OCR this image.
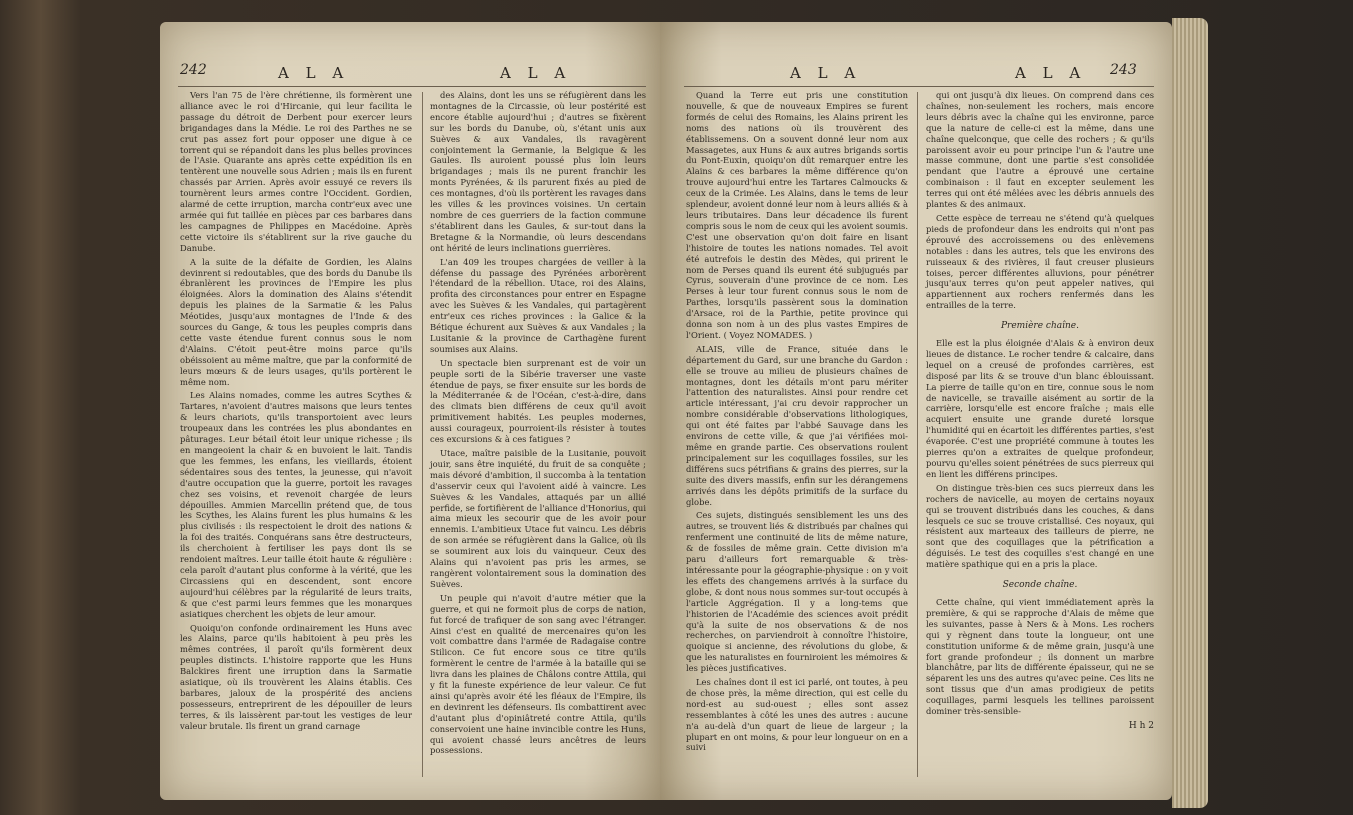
242	A L A	A L A

Vers l'an 75 de l'ère chrétienne, ils formèrent une alliance avec le roi d'Hircanie, qui leur facilita le passage du détroit de Derbent pour exercer leurs brigandages dans la Médie. Le roi des Parthes ne se crut pas assez fort pour opposer une digue à ce torrent qui se répandoit dans les plus belles provinces de l'Asie. Quarante ans après cette expédition ils en tentèrent une nouvelle sous Adrien ; mais ils en furent chassés par Arrien. Après avoir essuyé ce revers ils tournèrent leurs armes contre l'Occident. Gordien, alarmé de cette irruption, marcha contr'eux avec une armée qui fut taillée en pièces par ces barbares dans les campagnes de Philippes en Macédoine. Après cette victoire ils s'établirent sur la rive gauche du Danube.

A la suite de la défaite de Gordien, les Alains devinrent si redoutables, que des bords du Danube ils ébranlèrent les provinces de l'Empire les plus éloignées. Alors la domination des Alains s'étendit depuis les plaines de la Sarmatie & les Palus Méotides, jusqu'aux montagnes de l'Inde & des sources du Gange, & tous les peuples compris dans cette vaste étendue furent connus sous le nom d'Alains. C'étoit peut-être moins parce qu'ils obéissoient au même maître, que par la conformité de leurs mœurs & de leurs usages, qu'ils portèrent le même nom.

Les Alains nomades, comme les autres Scythes & Tartares, n'avoient d'autres maisons que leurs tentes & leurs chariots, qu'ils transportoient avec leurs troupeaux dans les contrées les plus abondantes en pâturages. Leur bétail étoit leur unique richesse ; ils en mangeoient la chair & en buvoient le lait. Tandis que les femmes, les enfans, les vieillards, étoient sédentaires sous des tentes, la jeunesse, qui n'avoit d'autre occupation que la guerre, portoit les ravages chez ses voisins, et revenoit chargée de leurs dépouilles. Ammien Marcellin prétend que, de tous les Scythes, les Alains furent les plus humains & les plus civilisés : ils respectoient le droit des nations & la foi des traités. Conquérans sans être destructeurs, ils cherchoient à fertiliser les pays dont ils se rendoient maîtres. Leur taille étoit haute & régulière : cela paroît d'autant plus conforme à la vérité, que les Circassiens qui en descendent, sont encore aujourd'hui célèbres par la régularité de leurs traits, & que c'est parmi leurs femmes que les monarques asiatiques cherchent les objets de leur amour.

Quoiqu'on confonde ordinairement les Huns avec les Alains, parce qu'ils habitoient à peu près les mêmes contrées, il paroît qu'ils formèrent deux peuples distincts. L'histoire rapporte que les Huns Balckires firent une irruption dans la Sarmatie asiatique, où ils trouvèrent les Alains établis. Ces barbares, jaloux de la prospérité des anciens possesseurs, entreprirent de les dépouiller de leurs terres, & ils laissèrent par-tout les vestiges de leur valeur brutale. Ils firent un grand carnage

des Alains, dont les uns se réfugièrent dans les montagnes de la Circassie, où leur postérité est encore établie aujourd'hui ; d'autres se fixèrent sur les bords du Danube, où, s'étant unis aux Suèves & aux Vandales, ils ravagèrent conjointement la Germanie, la Belgique & les Gaules. Ils auroient poussé plus loin leurs brigandages ; mais ils ne purent franchir les monts Pyrénées, & ils parurent fixés au pied de ces montagnes, d'où ils portèrent les ravages dans les villes & les provinces voisines. Un certain nombre de ces guerriers de la faction commune s'établirent dans les Gaules, & sur-tout dans la Bretagne & la Normandie, où leurs descendans ont hérité de leurs inclinations guerrières.

L'an 409 les troupes chargées de veiller à la défense du passage des Pyrénées arborèrent l'étendard de la rébellion. Utace, roi des Alains, profita des circonstances pour entrer en Espagne avec les Suèves & les Vandales, qui partagèrent entr'eux ces riches provinces : la Galice & la Bétique échurent aux Suèves & aux Vandales ; la Lusitanie & la province de Carthagène furent soumises aux Alains.

Un spectacle bien surprenant est de voir un peuple sorti de la Sibérie traverser une vaste étendue de pays, se fixer ensuite sur les bords de la Méditerranée & de l'Océan, c'est-à-dire, dans des climats bien différens de ceux qu'il avoit primitivement habités. Les peuples modernes, aussi courageux, pourroient-ils résister à toutes ces excursions & à ces fatigues ?

Utace, maître paisible de la Lusitanie, pouvoit jouir, sans être inquiété, du fruit de sa conquête ; mais dévoré d'ambition, il succomba à la tentation d'asservir ceux qui l'avoient aidé à vaincre. Les Suèves & les Vandales, attaqués par un allié perfide, se fortifièrent de l'alliance d'Honorius, qui aima mieux les secourir que de les avoir pour ennemis. L'ambitieux Utace fut vaincu. Les débris de son armée se réfugièrent dans la Galice, où ils se soumirent aux lois du vainqueur. Ceux des Alains qui n'avoient pas pris les armes, se rangèrent volontairement sous la domination des Suèves.

Un peuple qui n'avoit d'autre métier que la guerre, et qui ne formoit plus de corps de nation, fut forcé de trafiquer de son sang avec l'étranger. Ainsi c'est en qualité de mercenaires qu'on les voit combattre dans l'armée de Radagaise contre Stilicon. Ce fut encore sous ce titre qu'ils formèrent le centre de l'armée à la bataille qui se livra dans les plaines de Châlons contre Attila, qui y fit la funeste expérience de leur valeur. Ce fut ainsi qu'après avoir été les fléaux de l'Empire, ils en devinrent les défenseurs. Ils combattirent avec d'autant plus d'opiniâtreté contre Attila, qu'ils conservoient une haine invincible contre les Huns, qui avoient chassé leurs ancêtres de leurs possessions.

A L A	A L A 243

Quand la Terre eut pris une constitution nouvelle, & que de nouveaux Empires se furent formés de celui des Romains, les Alains prirent les noms des nations où ils trouvèrent des établissemens. On a souvent donné leur nom aux Massagetes, aux Huns & aux autres brigands sortis du Pont-Euxin, quoiqu'on dût remarquer entre les Alains & ces barbares la même différence qu'on trouve aujourd'hui entre les Tartares Calmoucks & ceux de la Crimée. Les Alains, dans le tems de leur splendeur, avoient donné leur nom à leurs alliés & à leurs tributaires. Dans leur décadence ils furent compris sous le nom de ceux qui les avoient soumis. C'est une observation qu'on doit faire en lisant l'histoire de toutes les nations nomades. Tel avoit été autrefois le destin des Mèdes, qui prirent le nom de Perses quand ils eurent été subjugués par Cyrus, souverain d'une province de ce nom. Les Perses à leur tour furent connus sous le nom de Parthes, lorsqu'ils passèrent sous la domination d'Arsace, roi de la Parthie, petite province qui donna son nom à un des plus vastes Empires de l'Orient. ( Voyez NOMADES. )

ALAIS, ville de France, située dans le département du Gard, sur une branche du Gardon : elle se trouve au milieu de plusieurs chaînes de montagnes, dont les détails m'ont paru mériter l'attention des naturalistes. Ainsi pour rendre cet article intéressant, j'ai cru devoir rapprocher un nombre considérable d'observations lithologiques, qui ont été faites par l'abbé Sauvage dans les environs de cette ville, & que j'ai vérifiées moi-même en grande partie. Ces observations roulent principalement sur les coquillages fossiles, sur les différens sucs pétrifians & grains des pierres, sur la suite des divers massifs, enfin sur les dérangemens arrivés dans les dépôts primitifs de la surface du globe.

Ces sujets, distingués sensiblement les uns des autres, se trouvent liés & distribués par chaînes qui renferment une continuité de lits de même nature, & de fossiles de même grain. Cette division m'a paru d'ailleurs fort remarquable & très-intéressante pour la géographie-physique : on y voit les effets des changemens arrivés à la surface du globe, & dont nous nous sommes sur-tout occupés à l'article Aggrégation. Il y a long-tems que l'historien de l'Académie des sciences avoit prédit qu'à la suite de nos observations & de nos recherches, on parviendroit à connoître l'histoire, quoique si ancienne, des révolutions du globe, & que les naturalistes en fourniroient les mémoires & les pièces justificatives.

Les chaînes dont il est ici parlé, ont toutes, à peu de chose près, la même direction, qui est celle du nord-est au sud-ouest ; elles sont assez ressemblantes à côté les unes des autres : aucune n'a au-delà d'un quart de lieue de largeur ; la plupart en ont moins, & pour leur longueur on en a suivi

qui ont jusqu'à dix lieues. On comprend dans ces chaînes, non-seulement les rochers, mais encore leurs débris avec la chaîne qui les environne, parce que la nature de celle-ci est la même, dans une chaîne quelconque, que celle des rochers ; & qu'ils paroissent avoir eu pour principe l'un & l'autre une masse commune, dont une partie s'est consolidée pendant que l'autre a éprouvé une certaine combinaison : il faut en excepter seulement les terres qui ont été mêlées avec les débris annuels des plantes & des animaux.

Cette espèce de terreau ne s'étend qu'à quelques pieds de profondeur dans les endroits qui n'ont pas éprouvé des accroissemens ou des enlèvemens notables : dans les autres, tels que les environs des ruisseaux & des rivières, il faut creuser plusieurs toises, percer différentes alluvions, pour pénétrer jusqu'aux terres qu'on peut appeler natives, qui appartiennent aux rochers renfermés dans les entrailles de la terre.

Première chaîne.

Elle est la plus éloignée d'Alais & à environ deux lieues de distance. Le rocher tendre & calcaire, dans lequel on a creusé de profondes carrières, est disposé par lits & se trouve d'un blanc éblouissant. La pierre de taille qu'on en tire, connue sous le nom de navicelle, se travaille aisément au sortir de la carrière, lorsqu'elle est encore fraîche ; mais elle acquiert ensuite une grande dureté lorsque l'humidité qui en écartoit les différentes parties, s'est évaporée. C'est une propriété commune à toutes les pierres qu'on a extraites de quelque profondeur, pourvu qu'elles soient pénétrées de sucs pierreux qui en lient les différens principes.

On distingue très-bien ces sucs pierreux dans les rochers de navicelle, au moyen de certains noyaux qui se trouvent distribués dans les couches, & dans lesquels ce suc se trouve cristallisé. Ces noyaux, qui résistent aux marteaux des tailleurs de pierre, ne sont que des coquillages que la pétrification a déguisés. Le test des coquilles s'est changé en une matière spathique qui en a pris la place.

Seconde chaîne.

Cette chaîne, qui vient immédiatement après la première, & qui se rapproche d'Alais de même que les suivantes, passe à Ners & à Mons. Les rochers qui y règnent dans toute la longueur, ont une constitution uniforme & de même grain, jusqu'à une fort grande profondeur ; ils donnent un marbre blanchâtre, par lits de différente épaisseur, qui ne se séparent les uns des autres qu'avec peine. Ces lits ne sont tissus que d'un amas prodigieux de petits coquillages, parmi lesquels les tellines paroissent dominer très-sensible-

H h 2
